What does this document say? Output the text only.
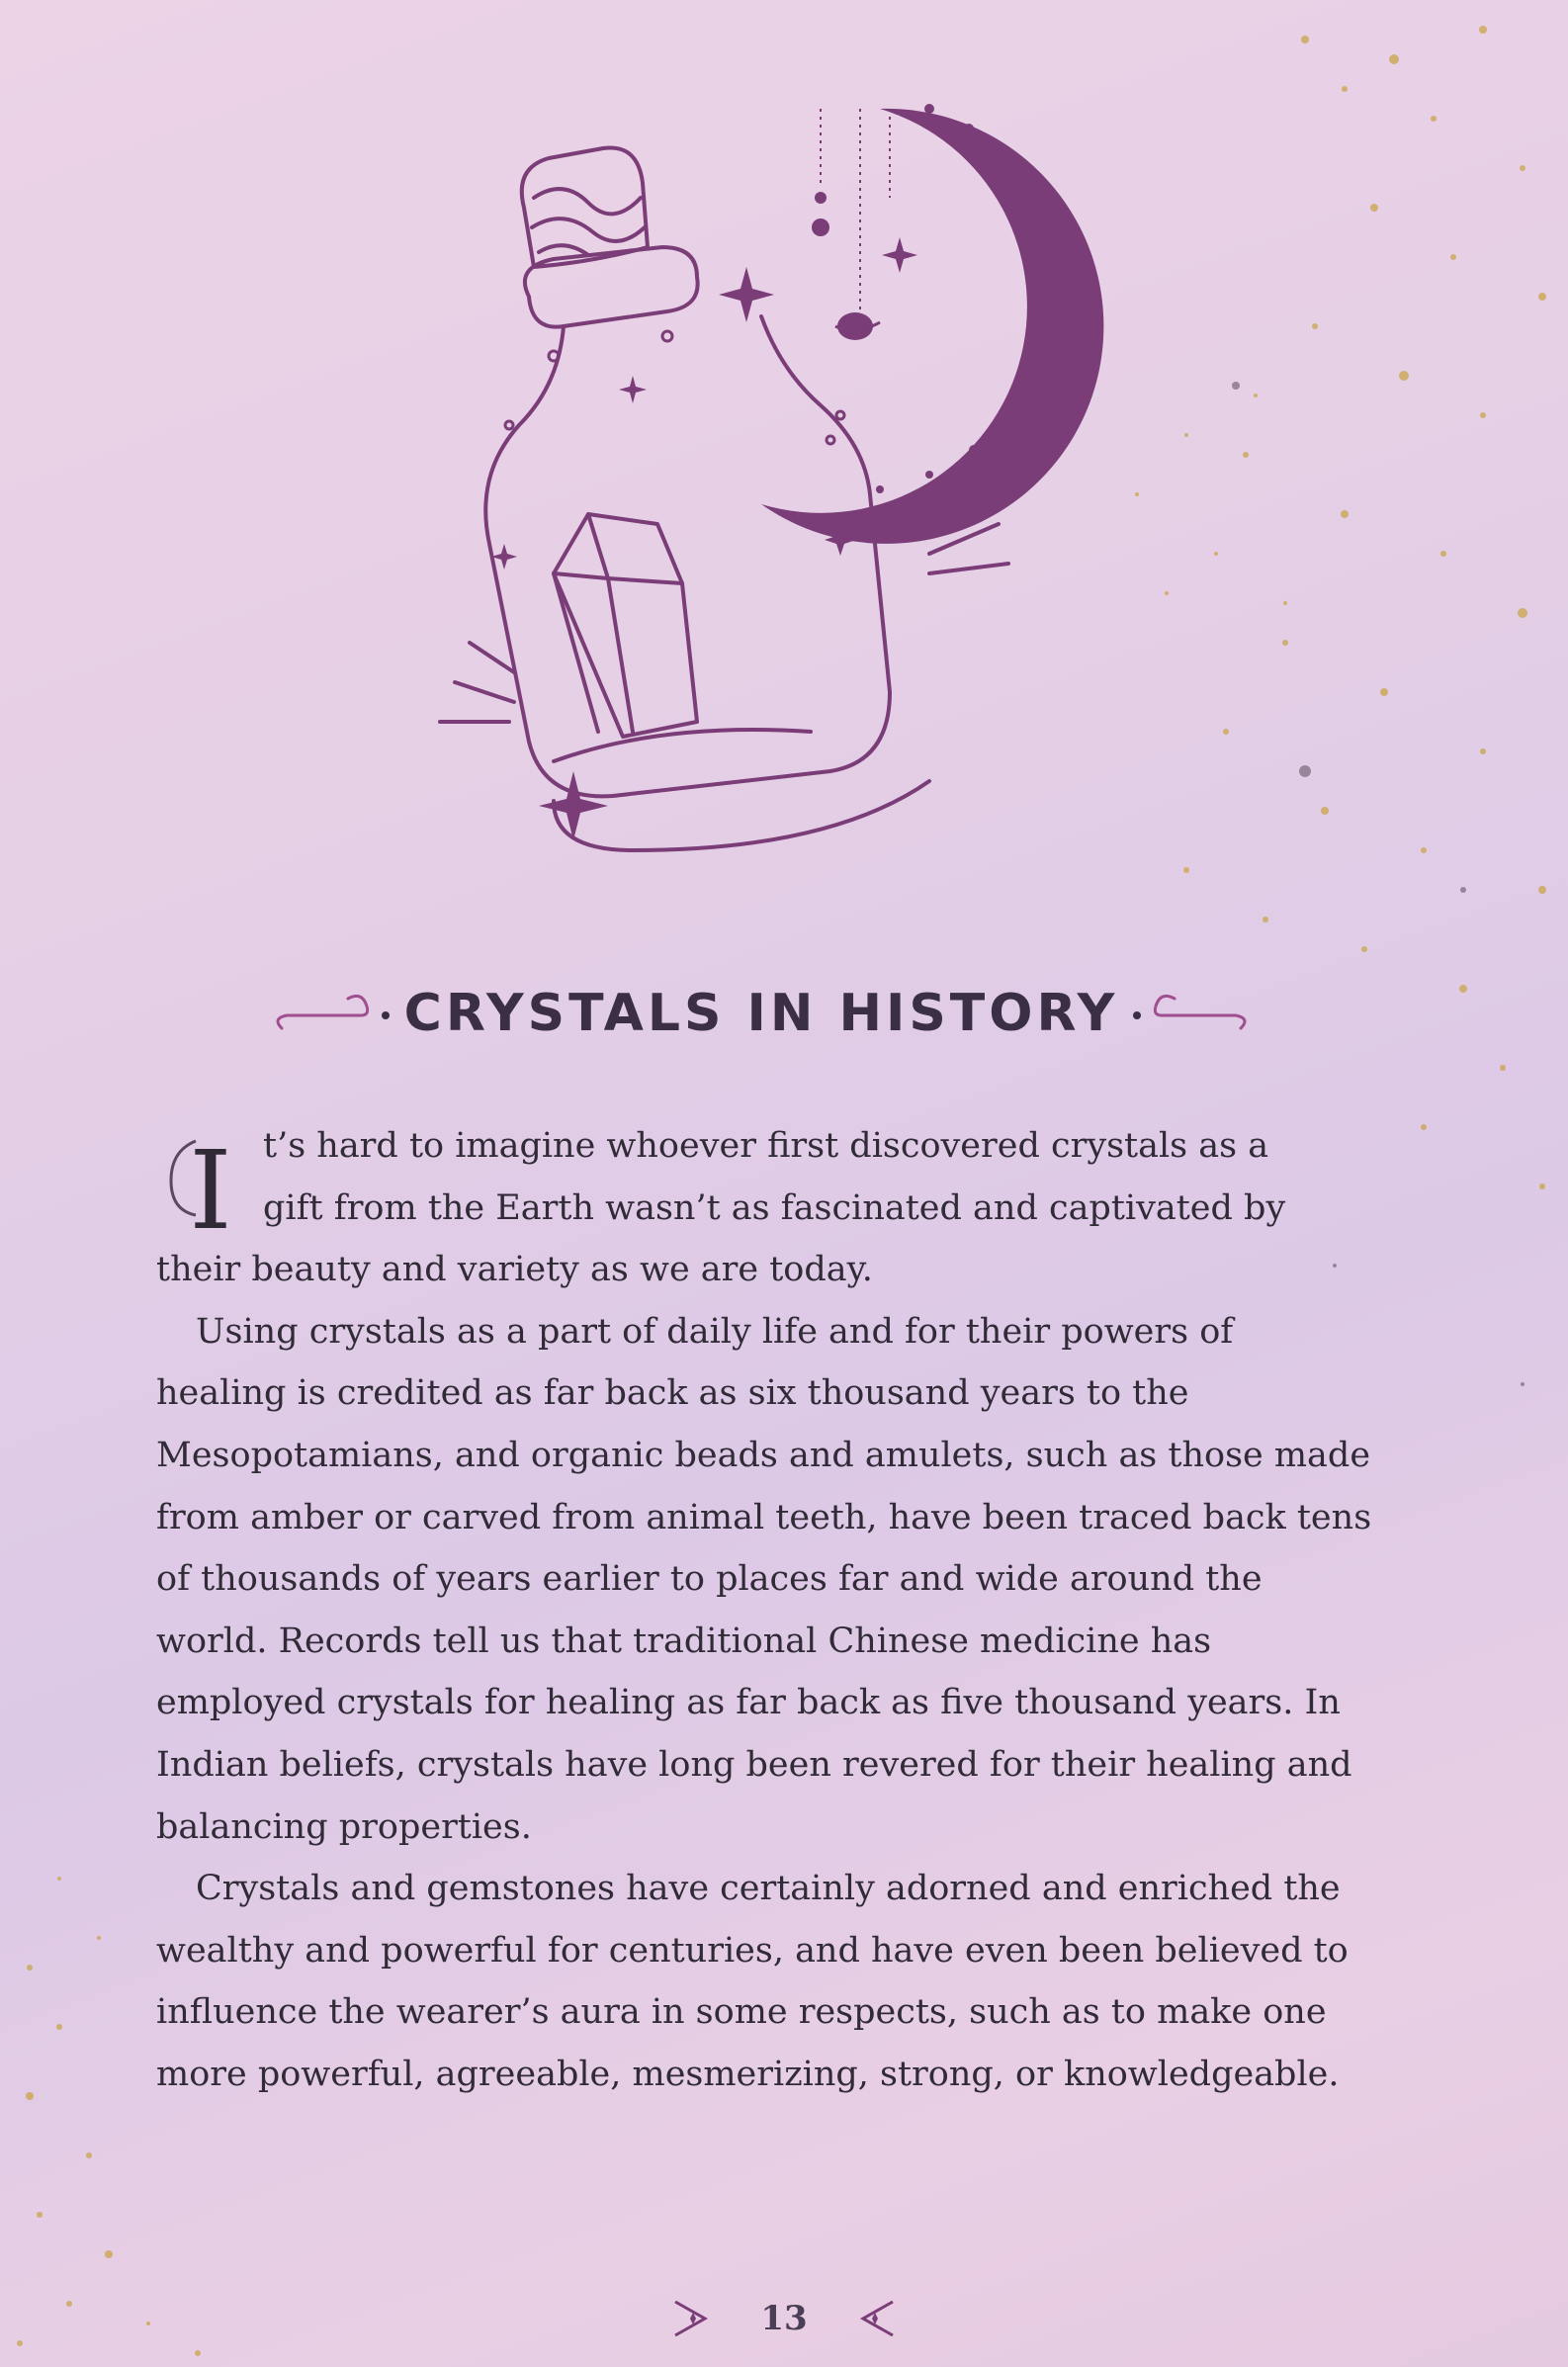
CRYSTALS IN HISTORY

I t’s hard to imagine whoever first discovered crystals as a
gift from the Earth wasn’t as fascinated and captivated by
their beauty and variety as we are today.

Using crystals as a part of daily life and for their powers of healing is credited as far back as six thousand years to the Mesopotamians, and organic beads and amulets, such as those made from amber or carved from animal teeth, have been traced back tens of thousands of years earlier to places far and wide around the world. Records tell us that traditional Chinese medicine has employed crystals for healing as far back as five thousand years. In Indian beliefs, crystals have long been revered for their healing and balancing properties.

Crystals and gemstones have certainly adorned and enriched the wealthy and powerful for centuries, and have even been believed to influence the wearer’s aura in some respects, such as to make one more powerful, agreeable, mesmerizing, strong, or knowledgeable.

13
